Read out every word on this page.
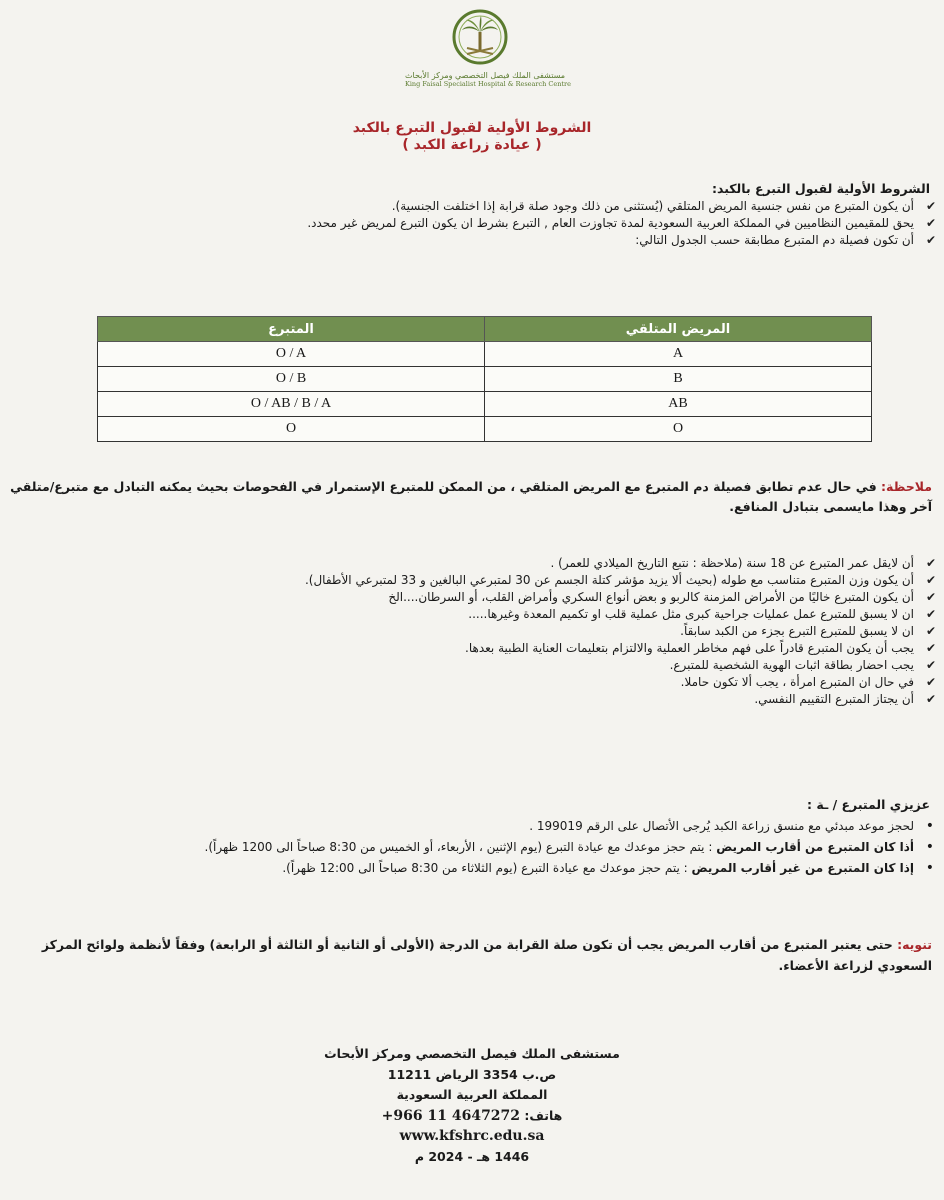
مستشفى الملك فيصل التخصصي ومركز الأبحاث
King Faisal Specialist Hospital & Research Centre
الشروط الأولية لقبول التبرع بالكبد
( عيادة زراعة الكبد )
الشروط الأولية لقبول التبرع بالكبد:
✔ أن يكون المتبرع من نفس جنسية المريض المتلقي (يُستثنى من ذلك وجود صلة قرابة إذا اختلفت الجنسية).
✔ يحق للمقيمين النظاميين في المملكة العربية السعودية لمدة تجاوزت العام , التبرع بشرط ان يكون التبرع لمريض غير محدد.
✔ أن تكون فصيلة دم المتبرع مطابقة حسب الجدول التالي:
المريض المتلقي	المتبرع
A	O / A
B	O / B
AB	O / AB / B / A
O	O
ملاحظة: في حال عدم تطابق فصيلة دم المتبرع مع المريض المتلقي ، من الممكن للمتبرع الإستمرار في الفحوصات بحيث يمكنه التبادل مع متبرع/متلقي آخر وهذا مايسمى بتبادل المنافع.
✔ أن لايقل عمر المتبرع عن 18 سنة (ملاحظة : نتبع التاريخ الميلادي للعمر) .
✔ أن يكون وزن المتبرع متناسب مع طوله (بحيث ألا يزيد مؤشر كتلة الجسم عن 30 لمتبرعي البالغين و 33 لمتبرعي الأطفال).
✔ أن يكون المتبرع خاليًا من الأمراض المزمنة كالربو و بعض أنواع السكري وأمراض القلب، أو السرطان....الخ
✔ ان لا يسبق للمتبرع عمل عمليات جراحية كبرى مثل عملية قلب او تكميم المعدة وغيرها.....
✔ ان لا يسبق للمتبرع التبرع بجزء من الكبد سابقاً.
✔ يجب أن يكون المتبرع قادراً على فهم مخاطر العملية والالتزام بتعليمات العناية الطبية بعدها.
✔ يجب احضار بطاقة اثبات الهوية الشخصية للمتبرع.
✔ في حال ان المتبرع امرأة ، يجب ألا تكون حاملا.
✔ أن يجتاز المتبرع التقييم النفسي.
عزيزي المتبرع / ـة :
• لحجز موعد مبدئي مع منسق زراعة الكبد يُرجى الأتصال على الرقم 199019 .
• أذا كان المتبرع من أقارب المريض : يتم حجز موعدك مع عيادة التبرع (يوم الإثنين ، الأربعاء، أو الخميس من 8:30 صباحاً الى 1200 ظهراً).
• إذا كان المتبرع من غير أقارب المريض : يتم حجز موعدك مع عيادة التبرع (يوم الثلاثاء من 8:30 صباحاً الى 12:00 ظهراً).
تنويه: حتى يعتبر المتبرع من أقارب المريض يجب أن تكون صلة القرابة من الدرجة (الأولى أو الثانية أو الثالثة أو الرابعة) وفقاً لأنظمة ولوائح المركز السعودي لزراعة الأعضاء.
مستشفى الملك فيصل التخصصي ومركز الأبحاث
ص.ب 3354 الرياض 11211
المملكة العربية السعودية
هاتف: +966 11 4647272
www.kfshrc.edu.sa
1446 هـ - 2024 م
